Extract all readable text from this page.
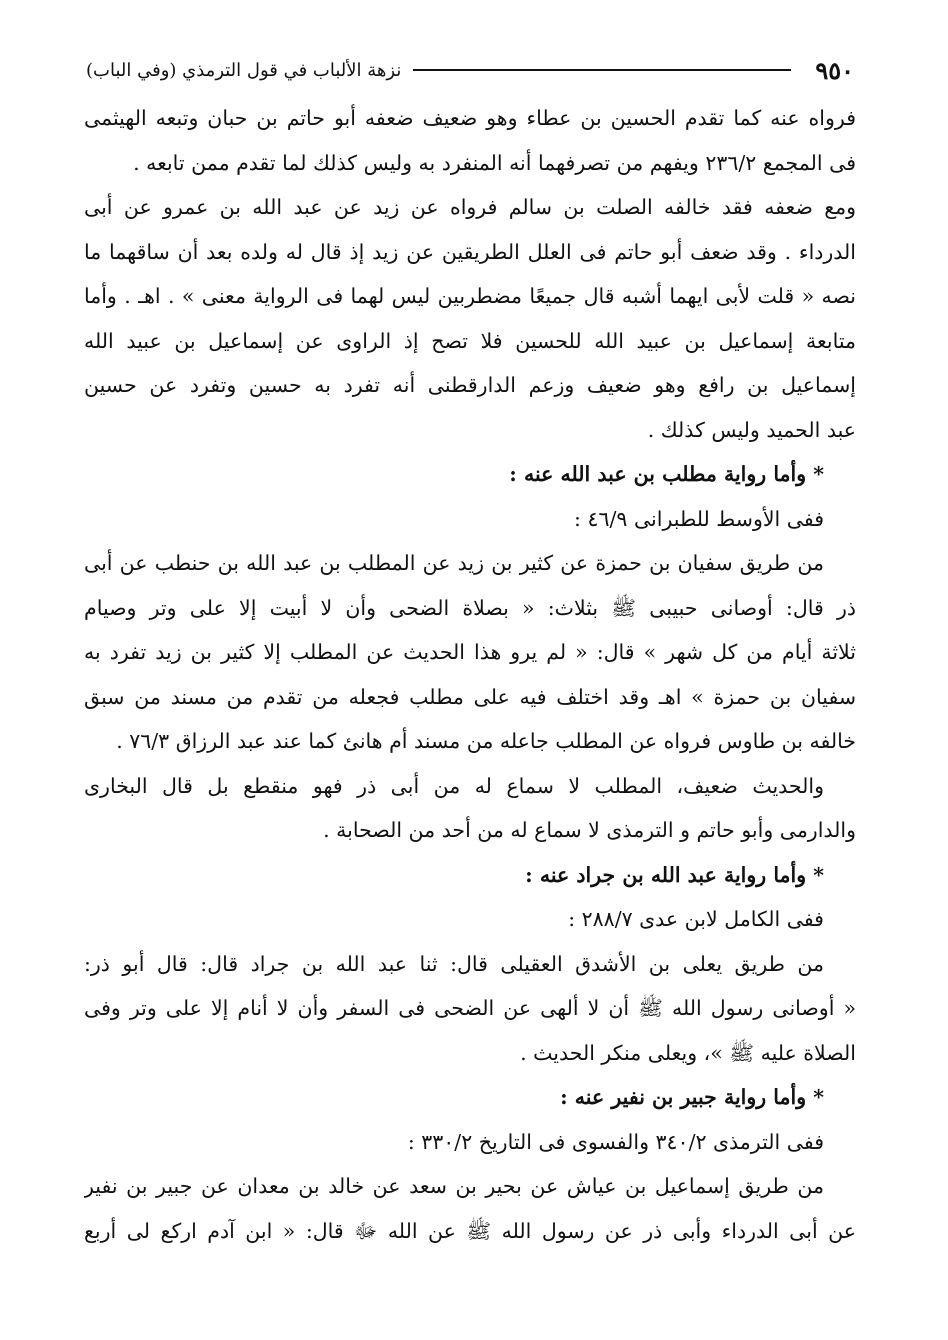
٩٥٠
نزهة الألباب في قول الترمذي (وفي الباب)
فرواه عنه كما تقدم الحسين بن عطاء وهو ضعيف ضعفه أبو حاتم بن حبان وتبعه الهيثمى
فى المجمع ٢٣٦/٢ ويفهم من تصرفهما أنه المنفرد به وليس كذلك لما تقدم ممن تابعه .
ومع ضعفه فقد خالفه الصلت بن سالم فرواه عن زيد عن عبد الله بن عمرو عن أبى
الدرداء . وقد ضعف أبو حاتم فى العلل الطريقين عن زيد إذ قال له ولده بعد أن ساقهما ما
نصه « قلت لأبى ايهما أشبه قال جميعًا مضطربين ليس لهما فى الرواية معنى » . اهـ . وأما
متابعة إسماعيل بن عبيد الله للحسين فلا تصح إذ الراوى عن إسماعيل بن عبيد الله
إسماعيل بن رافع وهو ضعيف وزعم الدارقطنى أنه تفرد به حسين وتفرد عن حسين
عبد الحميد وليس كذلك .
* وأما رواية مطلب بن عبد الله عنه :
ففى الأوسط للطبرانى ٤٦/٩ :
من طريق سفيان بن حمزة عن كثير بن زيد عن المطلب بن عبد الله بن حنطب عن أبى
ذر قال: أوصانى حبيبى ﷺ بثلاث: « بصلاة الضحى وأن لا أبيت إلا على وتر وصيام
ثلاثة أيام من كل شهر » قال: « لم يرو هذا الحديث عن المطلب إلا كثير بن زيد تفرد به
سفيان بن حمزة » اهـ وقد اختلف فيه على مطلب فجعله من تقدم من مسند من سبق
خالفه بن طاوس فرواه عن المطلب جاعله من مسند أم هانئ كما عند عبد الرزاق ٧٦/٣ .
والحديث ضعيف، المطلب لا سماع له من أبى ذر فهو منقطع بل قال البخارى
والدارمى وأبو حاتم و الترمذى لا سماع له من أحد من الصحابة .
* وأما رواية عبد الله بن جراد عنه :
ففى الكامل لابن عدى ٢٨٨/٧ :
من طريق يعلى بن الأشدق العقيلى قال: ثنا عبد الله بن جراد قال: قال أبو ذر:
« أوصانى رسول الله ﷺ أن لا ألهى عن الضحى فى السفر وأن لا أنام إلا على وتر وفى
الصلاة عليه ﷺ »، ويعلى منكر الحديث .
* وأما رواية جبير بن نفير عنه :
ففى الترمذى ٣٤٠/٢ والفسوى فى التاريخ ٣٣٠/٢ :
من طريق إسماعيل بن عياش عن بحير بن سعد عن خالد بن معدان عن جبير بن نفير
عن أبى الدرداء وأبى ذر عن رسول الله ﷺ عن الله ﷻ قال: « ابن آدم اركع لى أربع
